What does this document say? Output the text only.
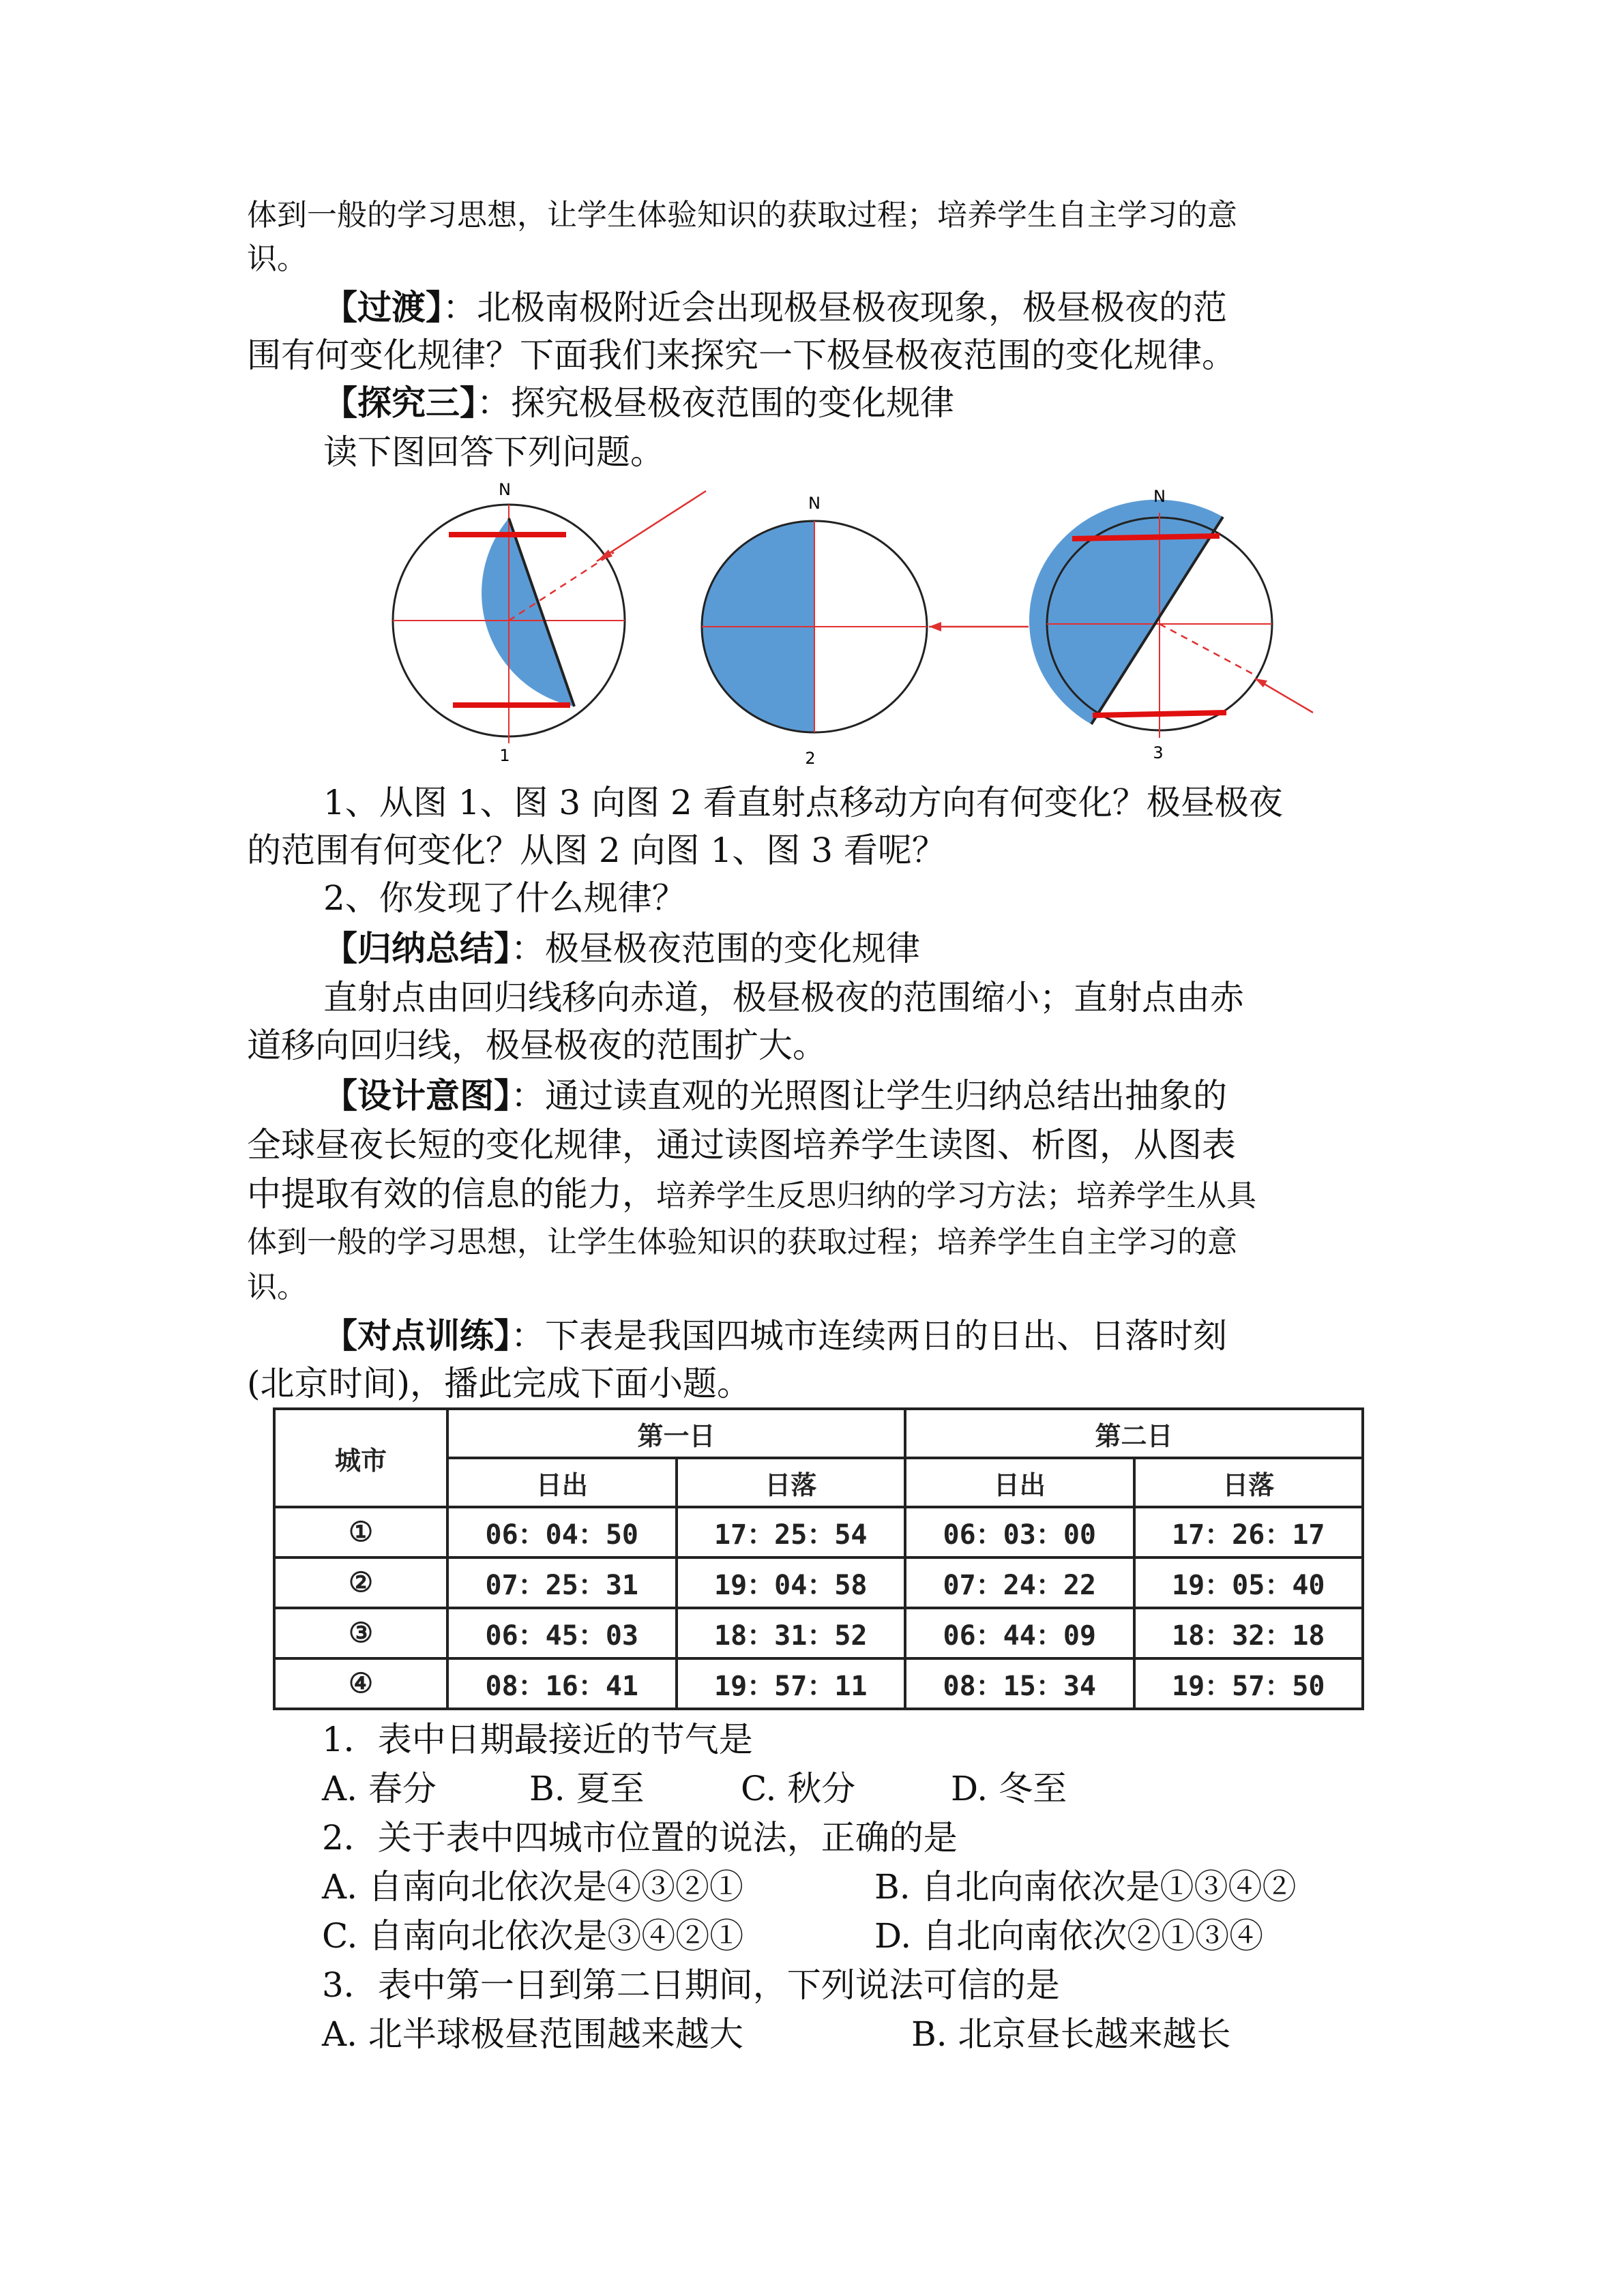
体到一般的学习思想，让学生体验知识的获取过程；培养学生自主学习的意

识。

【过渡】：北极南极附近会出现极昼极夜现象，极昼极夜的范

围有何变化规律？下面我们来探究一下极昼极夜范围的变化规律。

【探究三】：探究极昼极夜范围的变化规律

读下图回答下列问题。

N
1
N
2
N
3

1、从图 1、图 3 向图 2 看直射点移动方向有何变化？极昼极夜

的范围有何变化？从图 2 向图 1、图 3 看呢？

2、你发现了什么规律？

【归纳总结】：极昼极夜范围的变化规律

直射点由回归线移向赤道，极昼极夜的范围缩小；直射点由赤

道移向回归线，极昼极夜的范围扩大。

【设计意图】：通过读直观的光照图让学生归纳总结出抽象的

全球昼夜长短的变化规律，通过读图培养学生读图、析图，从图表

中提取有效的信息的能力，培养学生反思归纳的学习方法；培养学生从具

体到一般的学习思想，让学生体验知识的获取过程；培养学生自主学习的意

识。

【对点训练】：下表是我国四城市连续两日的日出、日落时刻

(北京时间)，播此完成下面小题。

城市	第一日		第二日	
	日出	日落	日出	日落
①	06：04：50	17：25：54	06：03：00	17：26：17
②	07：25：31	19：04：58	07：24：22	19：05：40
③	06：45：03	18：31：52	06：44：09	18：32：18
④	08：16：41	19：57：11	08：15：34	19：57：50
1．表中日期最接近的节气是
A. 春分	B. 夏至	C. 秋分	D. 冬至
2．关于表中四城市位置的说法，正确的是
A. 自南向北依次是④③②①	B. 自北向南依次是①③④②
C. 自南向北依次是③④②①	D. 自北向南依次②①③④
3．表中第一日到第二日期间，下列说法可信的是
A. 北半球极昼范围越来越大	B. 北京昼长越来越长
